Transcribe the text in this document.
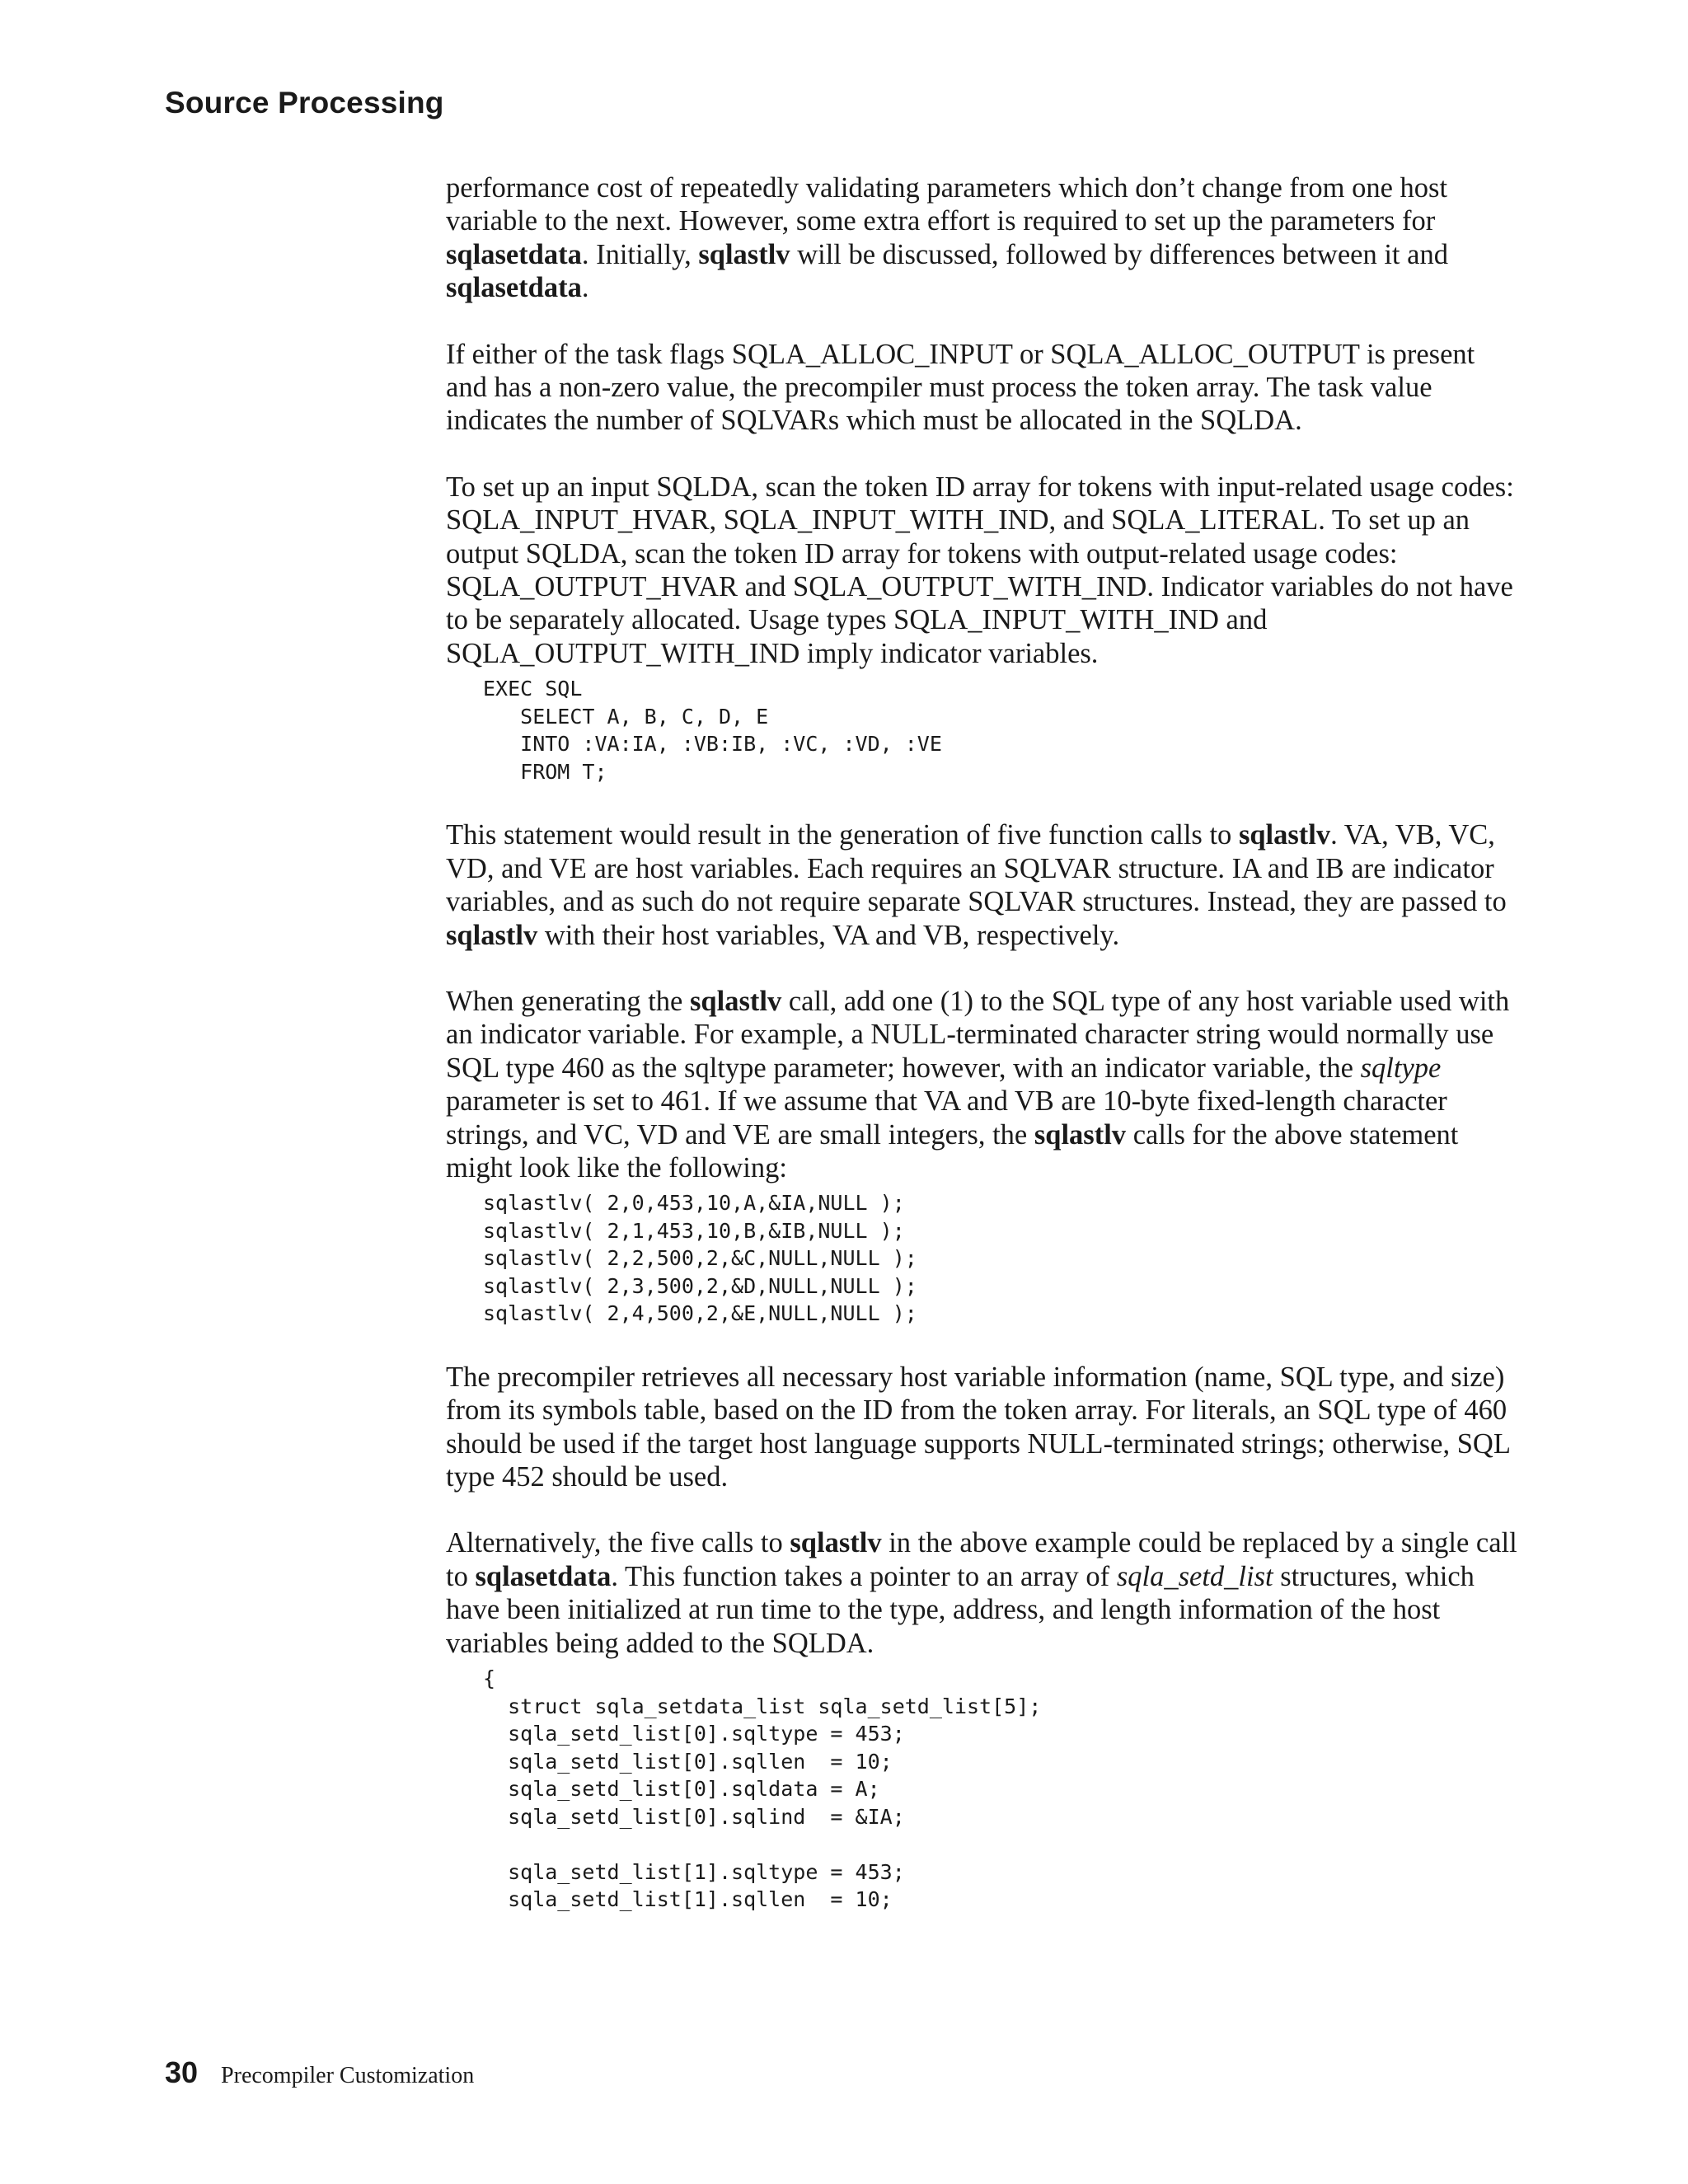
Source Processing

performance cost of repeatedly validating parameters which don’t change from one host variable to the next. However, some extra effort is required to set up the parameters for sqlasetdata. Initially, sqlastlv will be discussed, followed by differences between it and sqlasetdata.

If either of the task flags SQLA_ALLOC_INPUT or SQLA_ALLOC_OUTPUT is present and has a non-zero value, the precompiler must process the token array. The task value indicates the number of SQLVARs which must be allocated in the SQLDA.

To set up an input SQLDA, scan the token ID array for tokens with input-related usage codes: SQLA_INPUT_HVAR, SQLA_INPUT_WITH_IND, and SQLA_LITERAL. To set up an output SQLDA, scan the token ID array for tokens with output-related usage codes: SQLA_OUTPUT_HVAR and SQLA_OUTPUT_WITH_IND. Indicator variables do not have to be separately allocated. Usage types SQLA_INPUT_WITH_IND and SQLA_OUTPUT_WITH_IND imply indicator variables.

EXEC SQL
SELECT A, B, C, D, E
INTO :VA:IA, :VB:IB, :VC, :VD, :VE
FROM T;

This statement would result in the generation of five function calls to sqlastlv. VA, VB, VC, VD, and VE are host variables. Each requires an SQLVAR structure. IA and IB are indicator variables, and as such do not require separate SQLVAR structures. Instead, they are passed to sqlastlv with their host variables, VA and VB, respectively.

When generating the sqlastlv call, add one (1) to the SQL type of any host variable used with an indicator variable. For example, a NULL-terminated character string would normally use SQL type 460 as the sqltype parameter; however, with an indicator variable, the sqltype parameter is set to 461. If we assume that VA and VB are 10-byte fixed-length character strings, and VC, VD and VE are small integers, the sqlastlv calls for the above statement might look like the following:

sqlastlv( 2,0,453,10,A,&IA,NULL );
sqlastlv( 2,1,453,10,B,&IB,NULL );
sqlastlv( 2,2,500,2,&C,NULL,NULL );
sqlastlv( 2,3,500,2,&D,NULL,NULL );
sqlastlv( 2,4,500,2,&E,NULL,NULL );

The precompiler retrieves all necessary host variable information (name, SQL type, and size) from its symbols table, based on the ID from the token array. For literals, an SQL type of 460 should be used if the target host language supports NULL-terminated strings; otherwise, SQL type 452 should be used.

Alternatively, the five calls to sqlastlv in the above example could be replaced by a single call to sqlasetdata. This function takes a pointer to an array of sqla_setd_list structures, which have been initialized at run time to the type, address, and length information of the host variables being added to the SQLDA.

{
struct sqla_setdata_list sqla_setd_list[5];
sqla_setd_list[0].sqltype = 453;
sqla_setd_list[0].sqllen  = 10;
sqla_setd_list[0].sqldata = A;
sqla_setd_list[0].sqlind  = &IA;

sqla_setd_list[1].sqltype = 453;
sqla_setd_list[1].sqllen  = 10;
30 Precompiler Customization
